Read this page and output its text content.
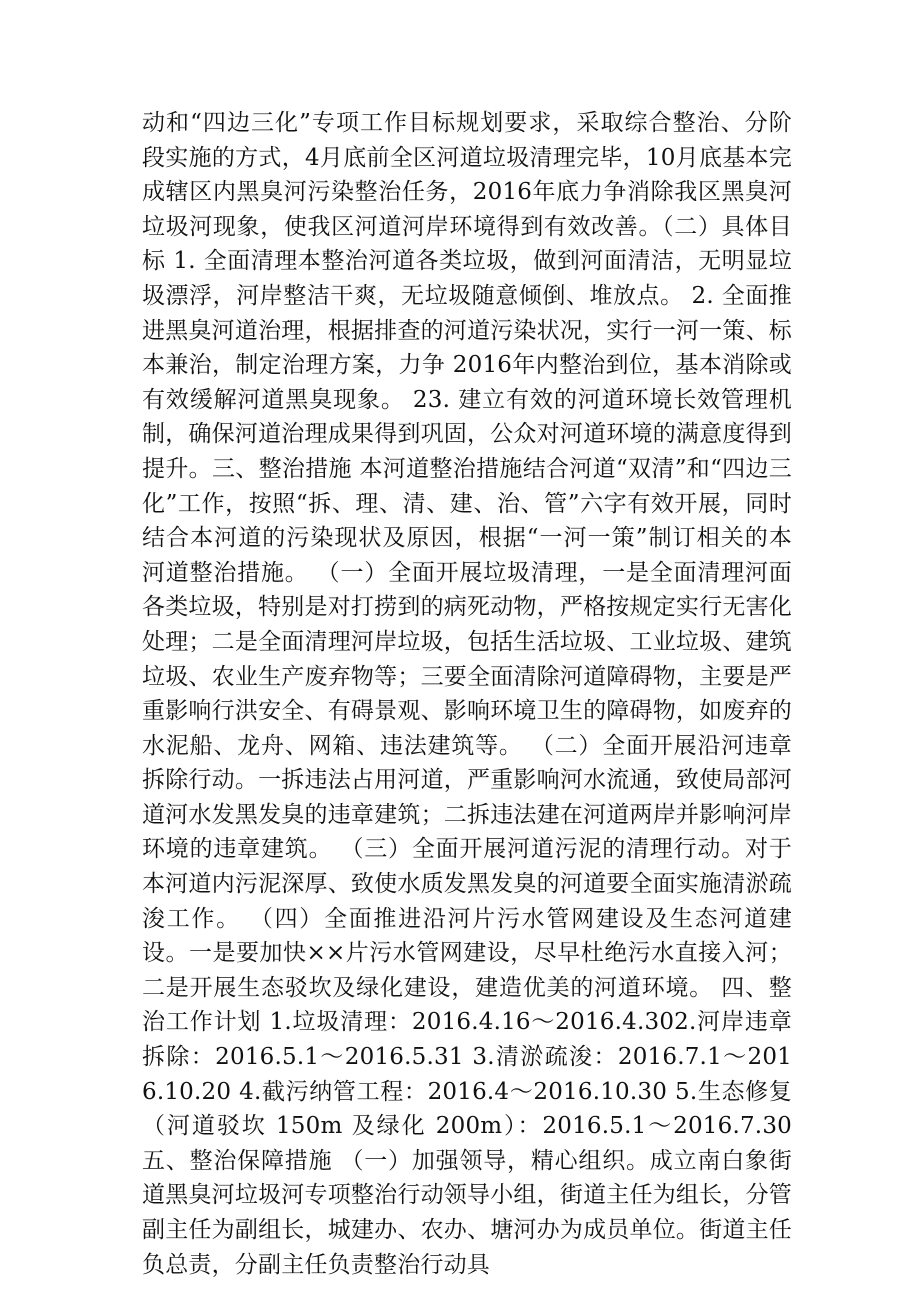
动和“四边三化”专项工作目标规划要求，采取综合整治、分阶段实施的方式，4月底前全区河道垃圾清理完毕，10月底基本完成辖区内黑臭河污染整治任务，2016年底力争消除我区黑臭河垃圾河现象，使我区河道河岸环境得到有效改善。（二）具体目标 1. 全面清理本整治河道各类垃圾，做到河面清洁，无明显垃圾漂浮，河岸整洁干爽，无垃圾随意倾倒、堆放点。 2. 全面推进黑臭河道治理，根据排查的河道污染状况，实行一河一策、标本兼治，制定治理方案，力争 2016年内整治到位，基本消除或有效缓解河道黑臭现象。 23. 建立有效的河道环境长效管理机制，确保河道治理成果得到巩固，公众对河道环境的满意度得到提升。三、整治措施 本河道整治措施结合河道“双清”和“四边三化”工作，按照“拆、理、清、建、治、管”六字有效开展，同时结合本河道的污染现状及原因，根据“一河一策”制订相关的本河道整治措施。 （一）全面开展垃圾清理，一是全面清理河面各类垃圾，特别是对打捞到的病死动物，严格按规定实行无害化处理；二是全面清理河岸垃圾，包括生活垃圾、工业垃圾、建筑垃圾、农业生产废弃物等；三要全面清除河道障碍物，主要是严重影响行洪安全、有碍景观、影响环境卫生的障碍物，如废弃的水泥船、龙舟、网箱、违法建筑等。 （二）全面开展沿河违章拆除行动。一拆违法占用河道，严重影响河水流通，致使局部河道河水发黑发臭的违章建筑；二拆违法建在河道两岸并影响河岸环境的违章建筑。 （三）全面开展河道污泥的清理行动。对于本河道内污泥深厚、致使水质发黑发臭的河道要全面实施清淤疏浚工作。 （四）全面推进沿河片污水管网建设及生态河道建设。一是要加快××片污水管网建设，尽早杜绝污水直接入河；二是开展生态驳坎及绿化建设，建造优美的河道环境。 四、整治工作计划 1.垃圾清理：2016.4.16～2016.4.302.河岸违章拆除：2016.5.1～2016.5.31 3.清淤疏浚：2016.7.1～2016.10.20 4.截污纳管工程：2016.4～2016.10.30 5.生态修复（河道驳坎 150m 及绿化 200m）：2016.5.1～2016.7.30 五、整治保障措施 （一）加强领导，精心组织。成立南白象街道黑臭河垃圾河专项整治行动领导小组，街道主任为组长，分管副主任为副组长，城建办、农办、塘河办为成员单位。街道主任负总责，分副主任负责整治行动具
